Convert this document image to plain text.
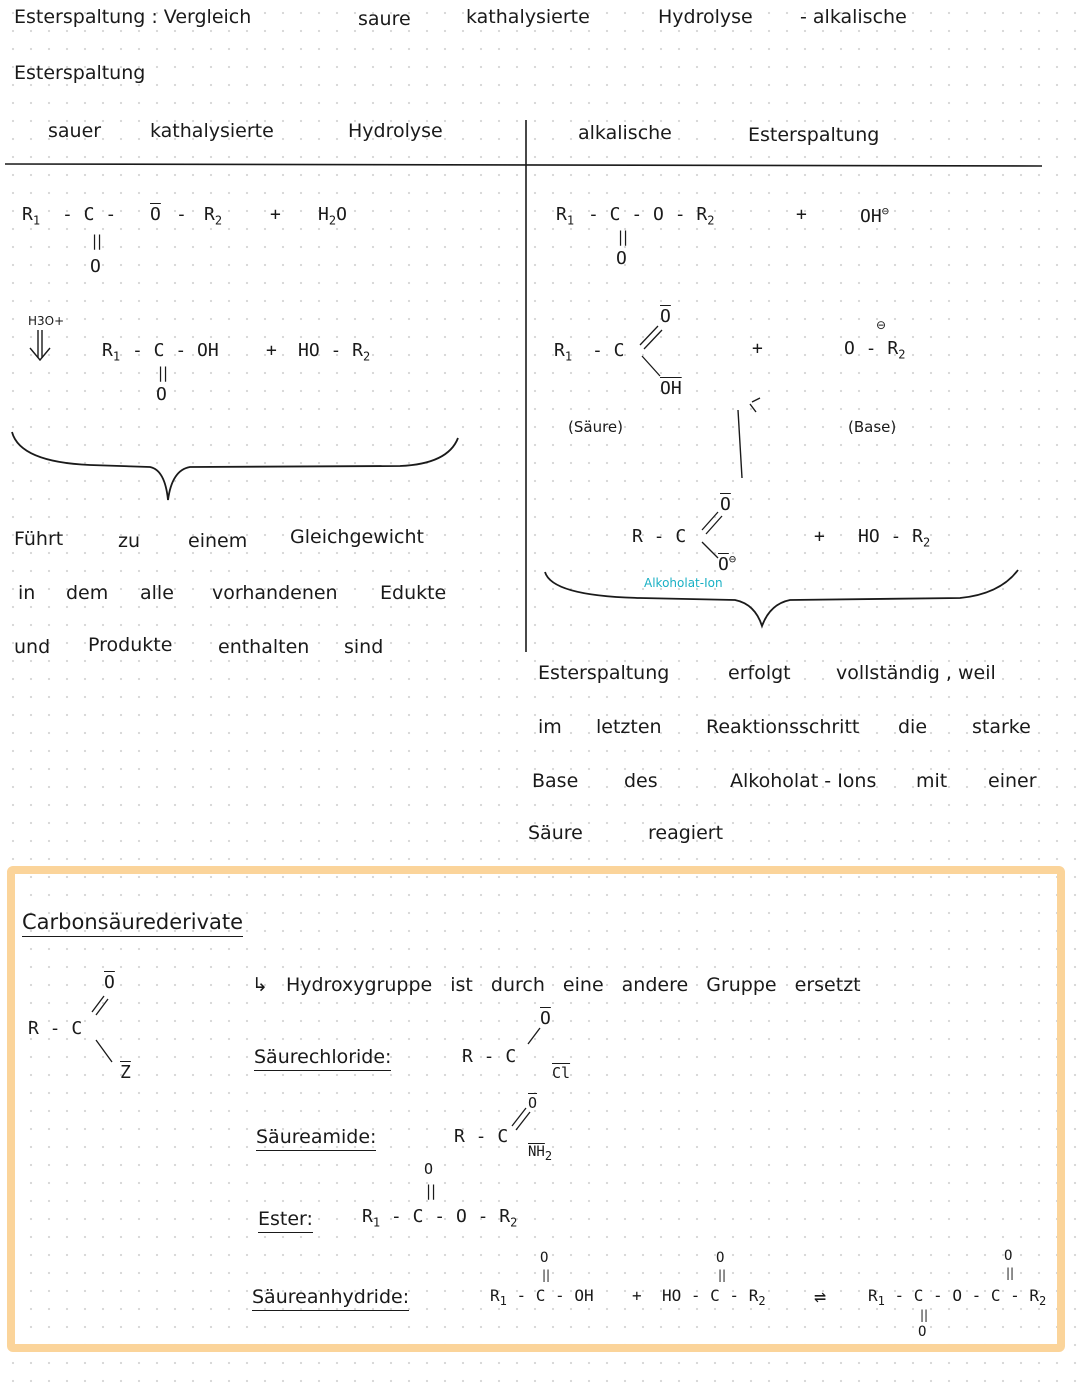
Esterspaltung : Vergleich	saure	kathalysierte	Hydrolyse - alkalische
Esterspaltung
sauer	kathalysierte	Hydrolyse
$R_1$ - C - $\overline{O} - R_2$	+ $H_2O$
||
O
H3O+
$R_1$ - C - OH	+ HO - $R_2$
||
O
Führt	zu	einem Gleichgewicht
in dem alle vorhandenen Edukte
und Produkte enthalten sind
alkalische	Esterspaltung
$R_1$ - C - O - $R_2$	+	OH⊖
||
O
$R_1$ - C
$\overline{O}$
$\overline{OH}$
+	O - $R_2$
⊖
(Säure)	(Base)
R - C
$\overline{O}$
$\overline{O}^⊖$
+ HO - $R_2$
Alkoholat-Ion
Esterspaltung	erfolgt vollständig , weil
im letzten Reaktionsschritt die starke
Base des	Alkoholat - Ions mit einer
Säure	reagiert
Carbonsäurederivate
R - C
$\overline{O}$
$\overline{Z}$
↳ Hydroxygruppe ist durch eine andere Gruppe ersetzt
Säurechloride:	R - C
$\overline{O}$
$\overline{Cl}$
Säureamide:	R - C
$\overline{O}$
$\overline{NH}_2$
Ester:	$R_1$ - C - O - $R_2$
O
||
Säureanhydride:	$R_1$ - C - OH
O
||
+ HO - C - $R_2$
O
||
⇌	$R_1$ - C - O - C - $R_2$
O
||
||
O
